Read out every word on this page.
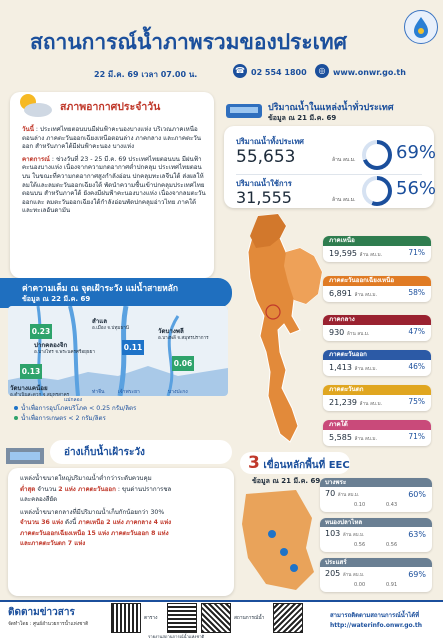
สถานการณ์น้ำภาพรวมของประเทศ
22 มี.ค. 69 เวลา 07.00 น.	☎ 02 554 1800	◎ www.onwr.go.th
สภาพอากาศประจำวัน
วันนี้ : ประเทศไทยตอนบนมีฝนฟ้าคะนองบางแห่ง บริเวณภาคเหนือตอนล่าง ภาคตะวันออกเฉียงเหนือตอนล่าง ภาคกลาง และภาคตะวันออก สำหรับภาคใต้มีฝนฟ้าคะนอง บางแห่ง
คาดการณ์ : ช่วงวันที่ 23 - 25 มี.ค. 69 ประเทศไทยตอนบน มีฝนฟ้าคะนองบางแห่ง เนื่องจากความกดอากาศต่ำปกคลุม ประเทศไทยตอนบน ในขณะที่ความกดอากาศสูงกำลังอ่อน ปกคลุมทะเลจีนใต้ ส่งผลให้ลมใต้และลมตะวันออกเฉียงใต้ พัดนำความชื้นเข้าปกคลุมประเทศไทยตอนบน สำหรับภาคใต้ ยังคงมีฝนฟ้าคะนองบางแห่ง เนื่องจากลมตะวันออกและ ลมตะวันออกเฉียงใต้กำลังอ่อนพัดปกคลุมอ่าวไทย ภาคใต้ และทะเลอันดามัน
ปริมาณน้ำในแหล่งน้ำทั่วประเทศ
ข้อมูล ณ 21 มี.ค. 69
ปริมาณน้ำทั้งประเทศ
55,653	ล้าน ลบ.ม. 69%
ปริมาณน้ำใช้การ
31,555	ล้าน ลบ.ม.
56%
ภาคเหนือ
19,595 ล้าน ลบ.ม.	71%
ภาคตะวันออกเฉียงเหนือ
6,891 ล้าน ลบ.ม.	58%
ภาคกลาง
930 ล้าน ลบ.ม.	47%
ภาคตะวันออก
1,413 ล้าน ลบ.ม.	46%
ภาคตะวันตก
21,239 ล้าน ลบ.ม.	75%
ภาคใต้
5,585 ล้าน ลบ.ม.	71%
ค่าความเค็ม ณ จุดเฝ้าระวัง แม่น้ำสายหลัก
ข้อมูล ณ 22 มี.ค. 69
0.23
0.13
0.11
0.06
สำแล
อ.เมือง จ.ปทุมธานี
ปากคลองจิก
อ.บางไทร จ.พระนครศรีอยุธยา
วัดบางแคน้อย
อ.ดำเนินสะดวก จ.สมุทรสาคร
วัดบางพลี
อ.บางพลี จ.สมุทรปราการ
ท่าจีน	เจ้าพระยา	บางปะกง
แม่กลอง
น้ำเพื่อการอุปโภคบริโภค < 0.25 กรัม/ลิตร
น้ำเพื่อการเกษตร < 2 กรัม/ลิตร
อ่างเก็บน้ำเฝ้าระวัง
แหล่งน้ำขนาดใหญ่ปริมาณน้ำต่ำกว่าระดับควบคุม
ต่ำสุด จำนวน 2 แห่ง ภาคตะวันออก : ขุนด่านปราการชล
และคลองสียัด
แหล่งน้ำขนาดกลางที่มีปริมาณน้ำเก็บกักน้อยกว่า 30%
จำนวน 36 แห่ง ดังนี้ ภาคเหนือ 2 แห่ง ภาคกลาง 4 แห่ง
ภาคตะวันออกเฉียงเหนือ 15 แห่ง ภาคตะวันออก 8 แห่ง
และภาคตะวันตก 7 แห่ง
3 เขื่อนหลักพื้นที่ EEC
ข้อมูล ณ 21 มี.ค. 69 บางพระ
70 ล้าน ลบ.ม.
0.10	0.43
60%
หนองปลาไหล
103 ล้าน ลบ.ม.
0.56	0.56
63%
ประแสร์
205 ล้าน ลบ.ม.
0.00	0.91
69%
ติดตามข่าวสาร
จัดทำโดย : ศูนย์อำนวยการน้ำแห่งชาติ
ตาราง
รายงานสถานการณ์น้ำแห่งชาติ
สถานการณ์น้ำ	สามารถติดตามสถานการณ์น้ำได้ที่
http://waterinfo.onwr.go.th
